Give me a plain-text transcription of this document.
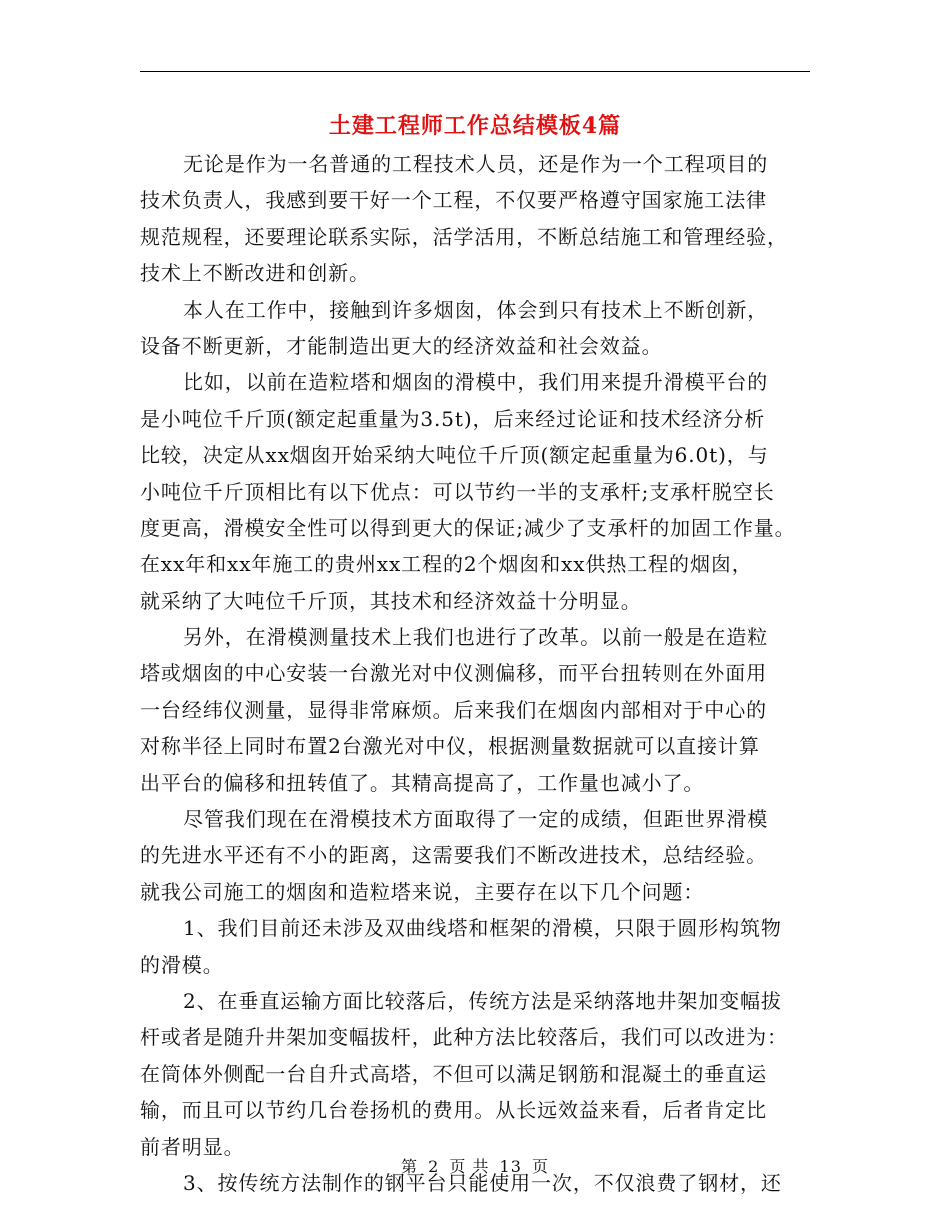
土建工程师工作总结模板4篇
无论是作为一名普通的工程技术人员，还是作为一个工程项目的
技术负责人，我感到要干好一个工程，不仅要严格遵守国家施工法律
规范规程，还要理论联系实际，活学活用，不断总结施工和管理经验，
技术上不断改进和创新。
本人在工作中，接触到许多烟囱，体会到只有技术上不断创新，
设备不断更新，才能制造出更大的经济效益和社会效益。
比如，以前在造粒塔和烟囱的滑模中，我们用来提升滑模平台的
是小吨位千斤顶(额定起重量为3.5t)，后来经过论证和技术经济分析
比较，决定从xx烟囱开始采纳大吨位千斤顶(额定起重量为6.0t)，与
小吨位千斤顶相比有以下优点：可以节约一半的支承杆;支承杆脱空长
度更高，滑模安全性可以得到更大的保证;减少了支承杆的加固工作量。
在xx年和xx年施工的贵州xx工程的2个烟囱和xx供热工程的烟囱，
就采纳了大吨位千斤顶，其技术和经济效益十分明显。
另外，在滑模测量技术上我们也进行了改革。以前一般是在造粒
塔或烟囱的中心安装一台激光对中仪测偏移，而平台扭转则在外面用
一台经纬仪测量，显得非常麻烦。后来我们在烟囱内部相对于中心的
对称半径上同时布置2台激光对中仪，根据测量数据就可以直接计算
出平台的偏移和扭转值了。其精高提高了，工作量也减小了。
尽管我们现在在滑模技术方面取得了一定的成绩，但距世界滑模
的先进水平还有不小的距离，这需要我们不断改进技术，总结经验。
就我公司施工的烟囱和造粒塔来说，主要存在以下几个问题：
1、我们目前还未涉及双曲线塔和框架的滑模，只限于圆形构筑物
的滑模。
2、在垂直运输方面比较落后，传统方法是采纳落地井架加变幅拔
杆或者是随升井架加变幅拔杆，此种方法比较落后，我们可以改进为：
在筒体外侧配一台自升式高塔，不但可以满足钢筋和混凝土的垂直运
输，而且可以节约几台卷扬机的费用。从长远效益来看，后者肯定比
前者明显。
3、按传统方法制作的钢平台只能使用一次，不仅浪费了钢材，还
第 2 页 共 13 页
